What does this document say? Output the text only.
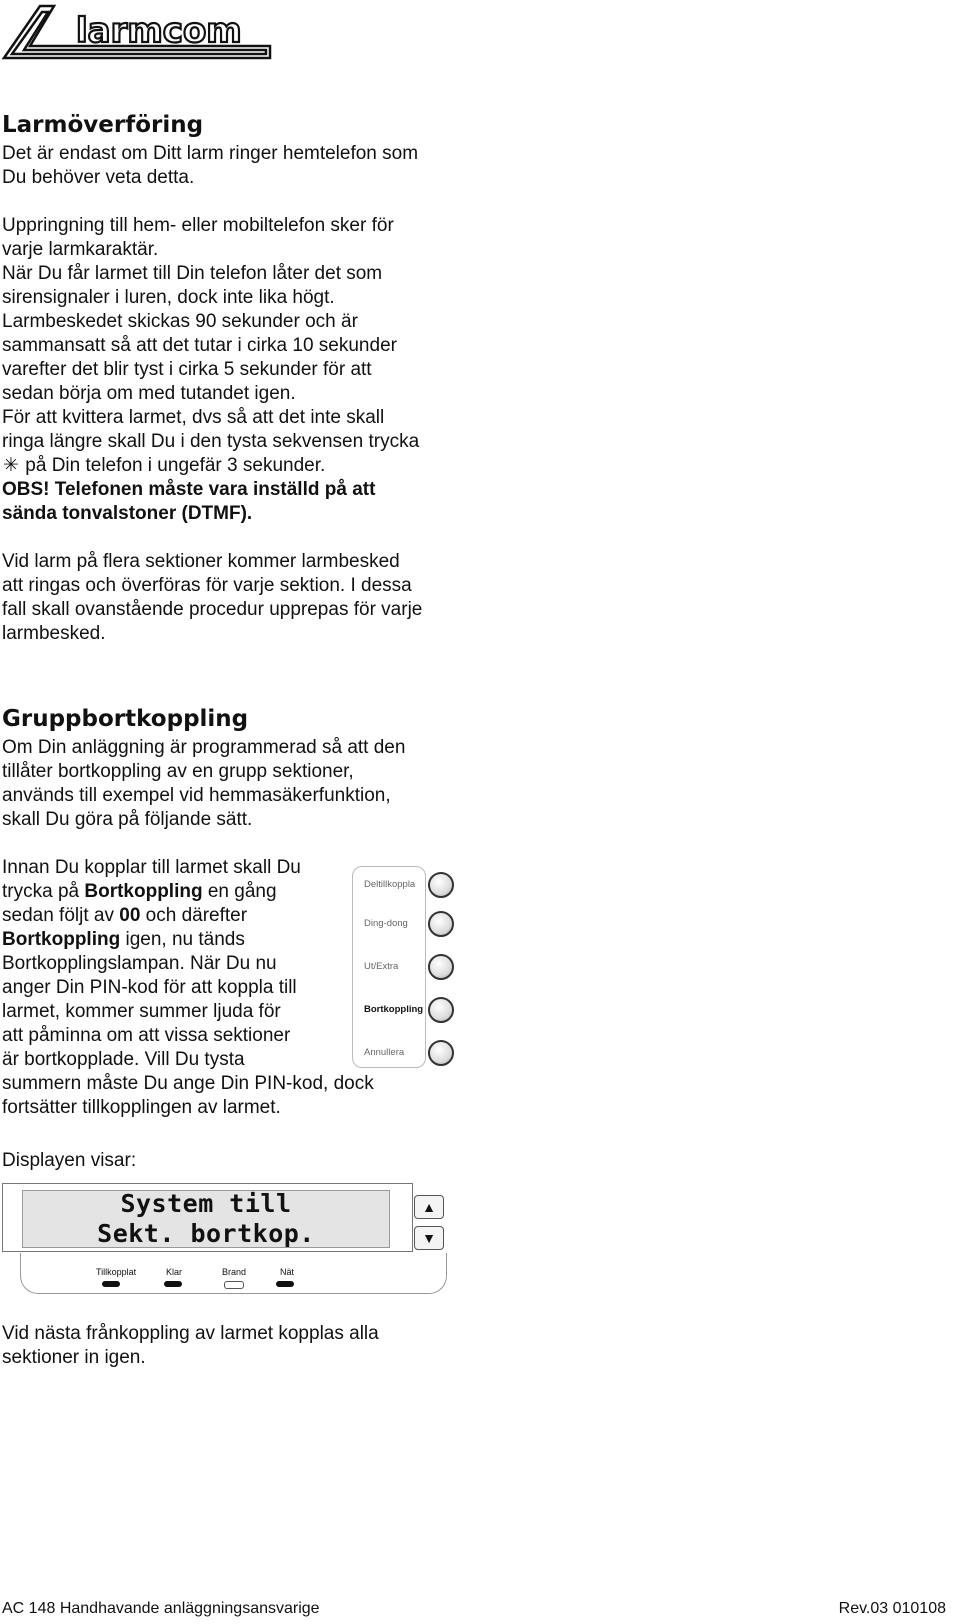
larmcom
Larmöverföring

Det är endast om Ditt larm ringer hemtelefon som

Du behöver veta detta.

Uppringning till hem- eller mobiltelefon sker för

varje larmkaraktär.

När Du får larmet till Din telefon låter det som

sirensignaler i luren, dock inte lika högt.

Larmbeskedet skickas 90 sekunder och är

sammansatt så att det tutar i cirka 10 sekunder

varefter det blir tyst i cirka 5 sekunder för att

sedan börja om med tutandet igen.

För att kvittera larmet, dvs så att det inte skall

ringa längre skall Du i den tysta sekvensen trycka

✳ på Din telefon i ungefär 3 sekunder.

OBS! Telefonen måste vara inställd på att

sända tonvalstoner (DTMF).

Vid larm på flera sektioner kommer larmbesked

att ringas och överföras för varje sektion. I dessa

fall skall ovanstående procedur upprepas för varje

larmbesked.

Gruppbortkoppling

Om Din anläggning är programmerad så att den

tillåter bortkoppling av en grupp sektioner,

används till exempel vid hemmasäkerfunktion,

skall Du göra på följande sätt.

Innan Du kopplar till larmet skall Du

trycka på Bortkoppling en gång

sedan följt av 00 och därefter

Bortkoppling igen, nu tänds

Bortkopplingslampan. När Du nu

anger Din PIN-kod för att koppla till

larmet, kommer summer ljuda för

att påminna om att vissa sektioner

är bortkopplade. Vill Du tysta

summern måste Du ange Din PIN-kod, dock

fortsätter tillkopplingen av larmet.

Deltillkoppla
Ding-dong
Ut/Extra
Bortkoppling
Annullera
Displayen visar:
System till
Sekt. bortkop.
▲
▼
Tillkopplat	Klar	Brand	Nät

Vid nästa frånkoppling av larmet kopplas alla

sektioner in igen.

AC 148 Handhavande anläggningsansvarige	Rev.03 010108
